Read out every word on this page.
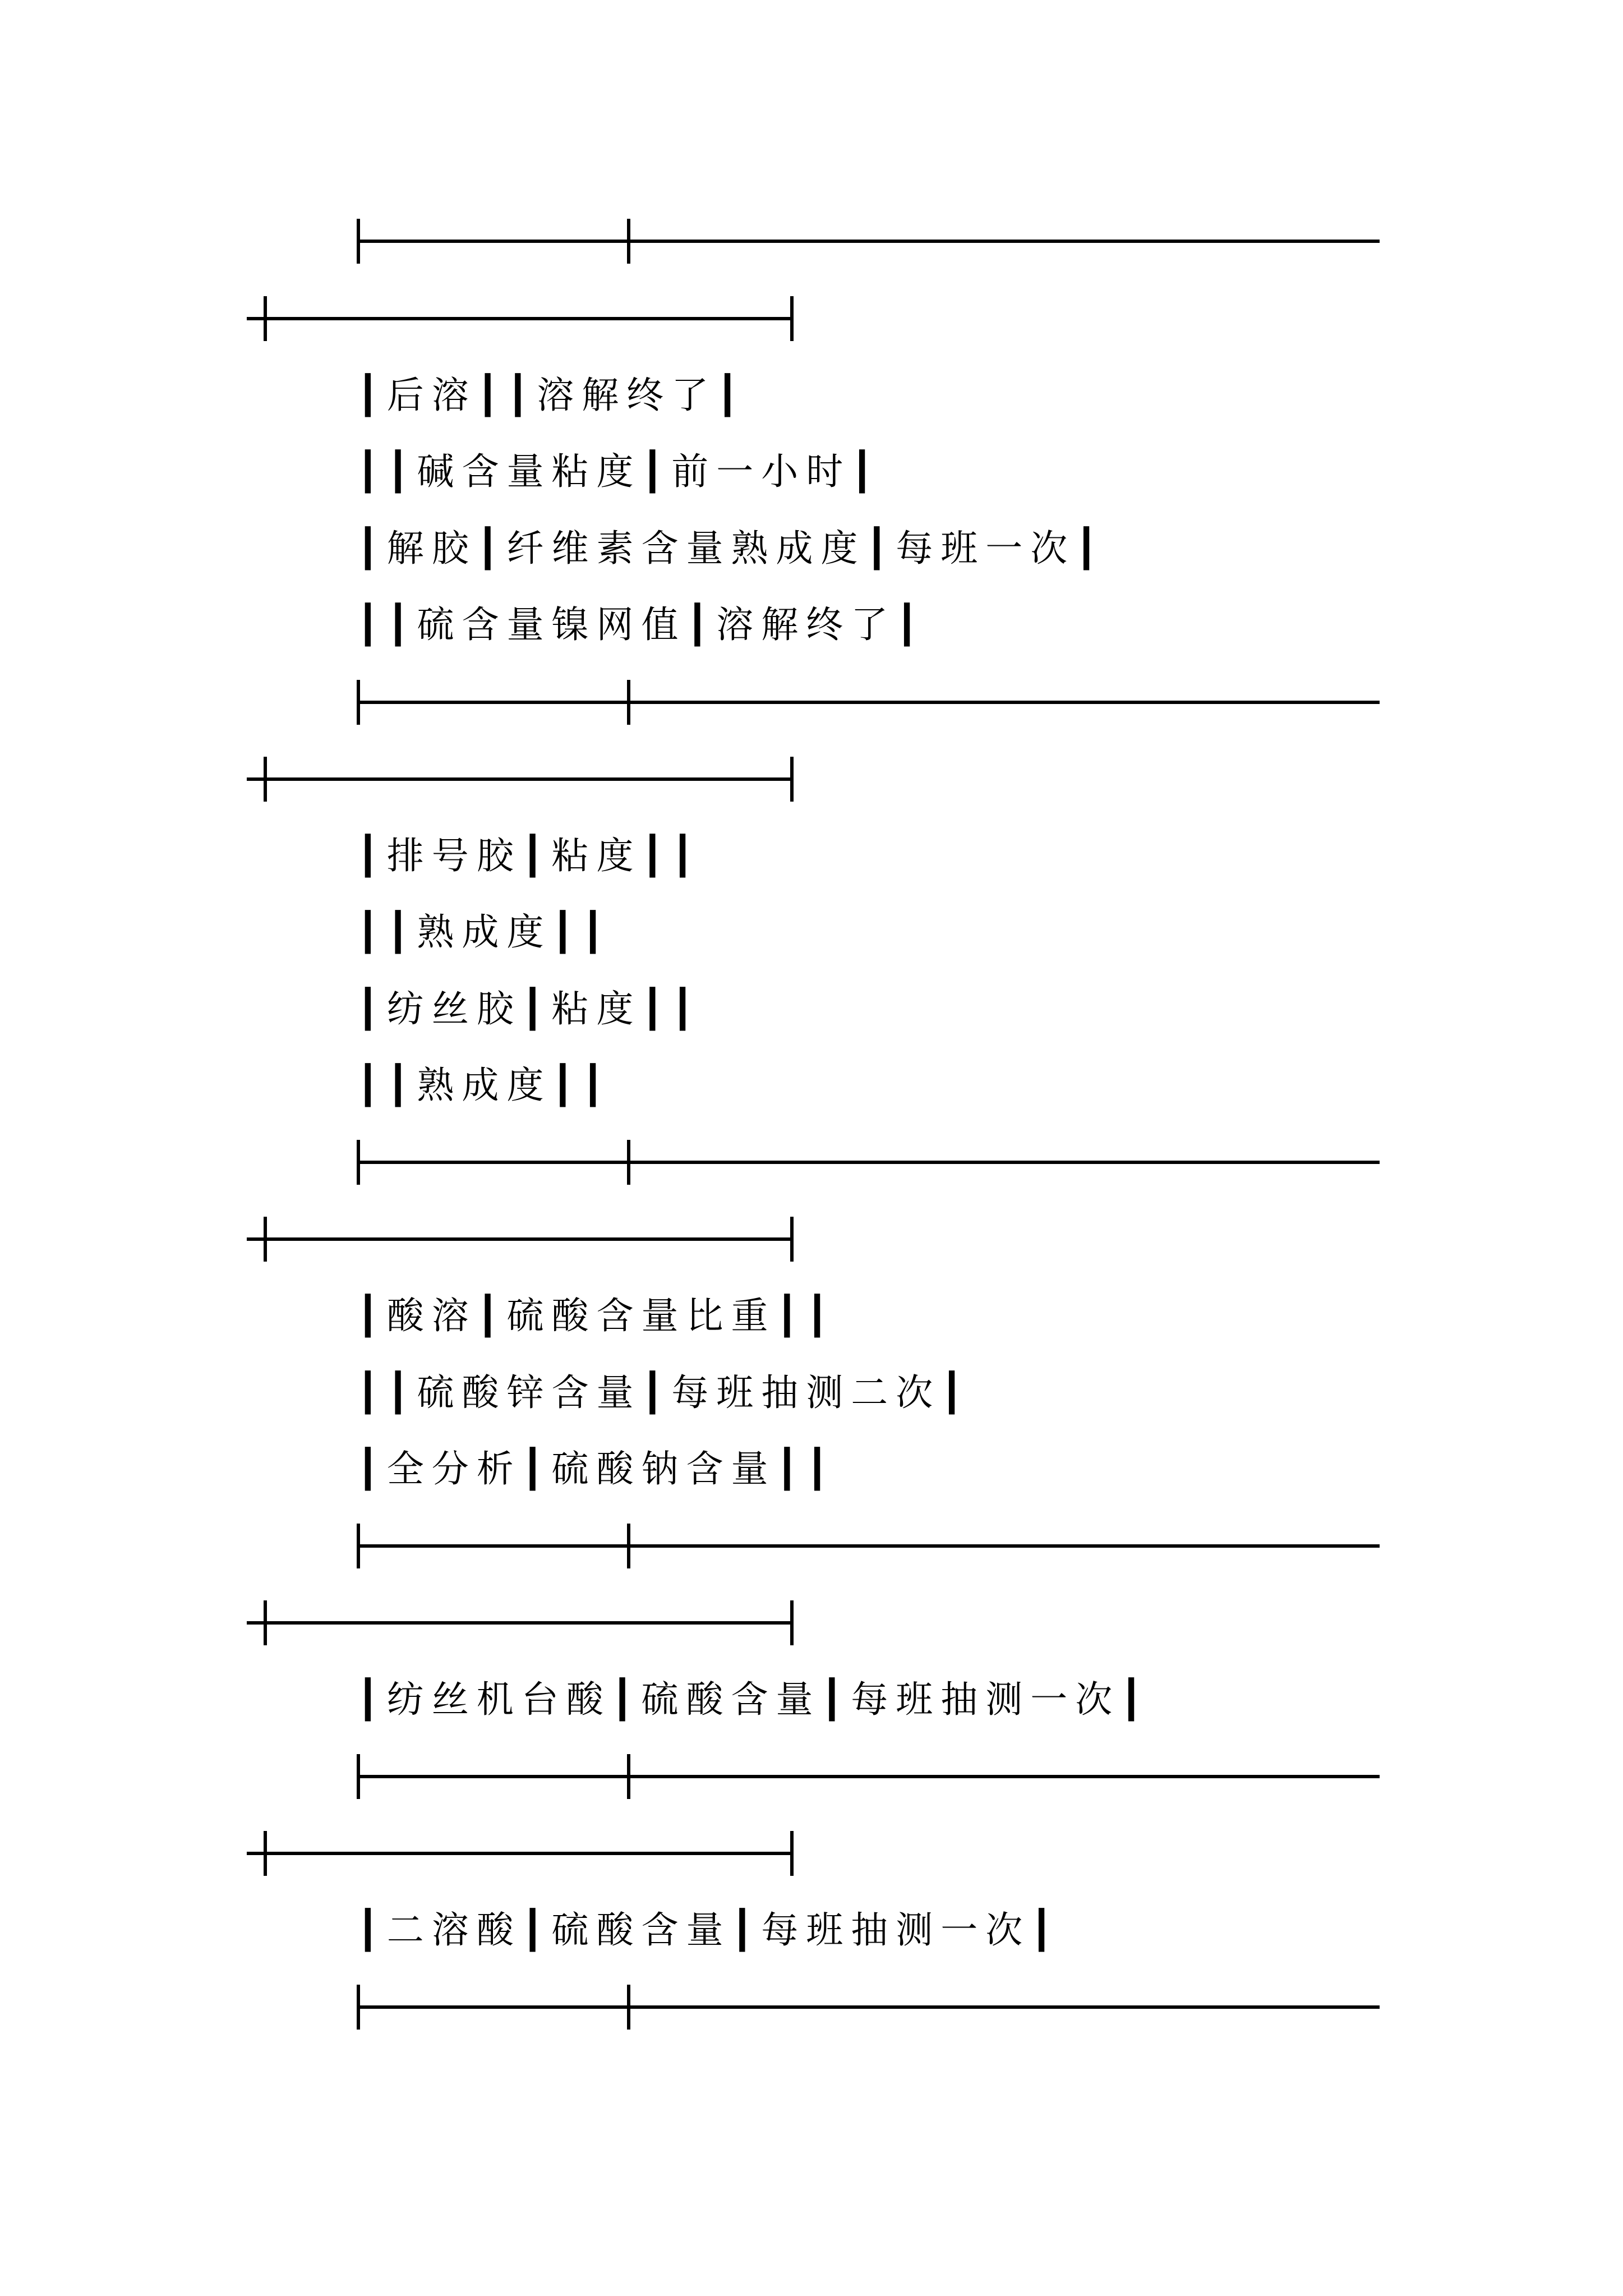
┃后溶┃┃溶解终了┃
┃┃碱含量粘度┃前一小时┃
┃解胶┃纤维素含量熟成度┃每班一次┃
┃┃硫含量镍网值┃溶解终了┃
┃排号胶┃粘度┃┃
┃┃熟成度┃┃
┃纺丝胶┃粘度┃┃
┃┃熟成度┃┃
┃酸溶┃硫酸含量比重┃┃
┃┃硫酸锌含量┃每班抽测二次┃
┃全分析┃硫酸钠含量┃┃
┃纺丝机台酸┃硫酸含量┃每班抽测一次┃
┃二溶酸┃硫酸含量┃每班抽测一次┃
